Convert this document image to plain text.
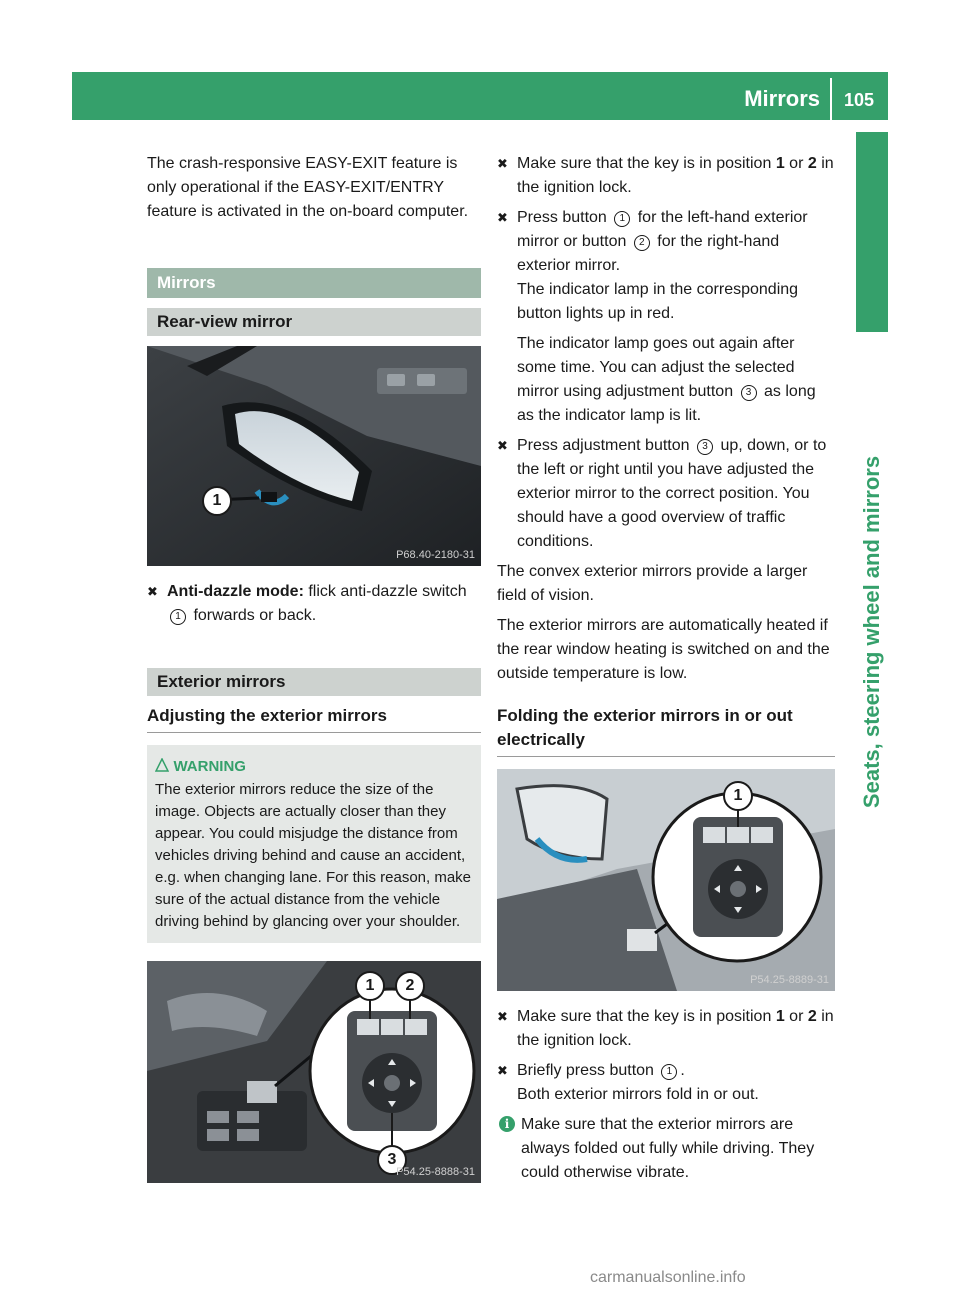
Mirrors 105
Seats, steering wheel and mirrors

The crash-responsive EASY-EXIT feature is only operational if the EASY-EXIT/ENTRY feature is activated in the on-board computer.

Mirrors
Rear-view mirror
1
P68.40-2180-31
✖ Anti-dazzle mode: flick anti-dazzle switch 1 forwards or back.
Exterior mirrors
Adjusting the exterior mirrors
WARNING

The exterior mirrors reduce the size of the image. Objects are actually closer than they appear. You could misjudge the distance from vehicles driving behind and cause an accident, e.g. when changing lane. For this reason, make sure of the actual distance from the vehicle driving behind by glancing over your shoulder.

1	2
3
P54.25-8888-31
✖ Make sure that the key is in position 1 or 2 in the ignition lock.
✖ Press button 1 for the left-hand exterior mirror or button 2 for the right-hand exterior mirror.

The indicator lamp in the corresponding button lights up in red.

The indicator lamp goes out again after some time. You can adjust the selected mirror using adjustment button 3 as long as the indicator lamp is lit.

✖ Press adjustment button 3 up, down, or to the left or right until you have adjusted the exterior mirror to the correct position. You should have a good overview of traffic conditions.

The convex exterior mirrors provide a larger field of vision.

The exterior mirrors are automatically heated if the rear window heating is switched on and the outside temperature is low.

Folding the exterior mirrors in or out electrically
1
P54.25-8889-31
✖ Make sure that the key is in position 1 or 2 in the ignition lock.
✖ Briefly press button 1 .

Both exterior mirrors fold in or out.

i Make sure that the exterior mirrors are always folded out fully while driving. They could otherwise vibrate.
carmanualsonline.info
